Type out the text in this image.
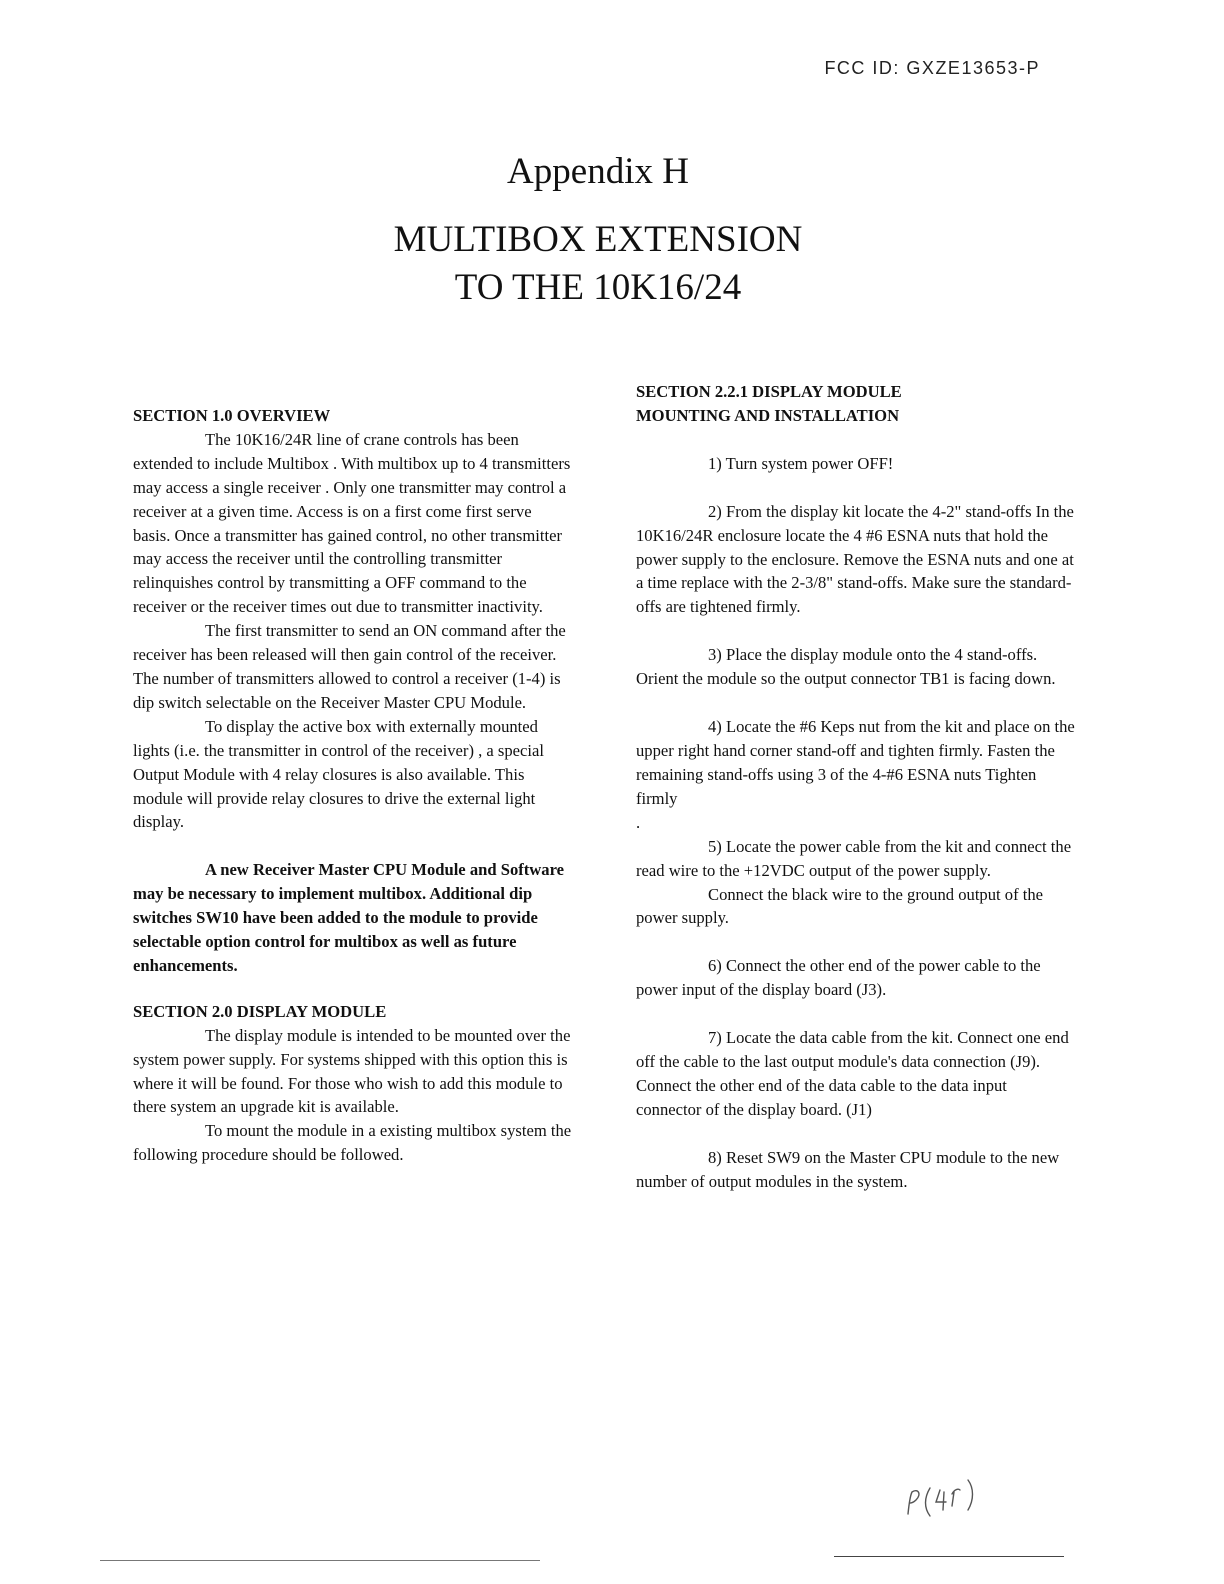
FCC ID: GXZE13653-P
Appendix H
MULTIBOX EXTENSION
TO THE 10K16/24

SECTION 1.0 OVERVIEW

The 10K16/24R line of crane controls has been extended to include Multibox . With multibox up to 4 transmitters may access a single receiver . Only one transmitter may control a receiver at a given time. Access is on a first come first serve basis. Once a transmitter has gained control, no other transmitter may access the receiver until the controlling transmitter relinquishes control by transmitting a OFF command to the receiver or the receiver times out due to transmitter inactivity.

The first transmitter to send an ON command after the receiver has been released will then gain control of the receiver. The number of transmitters allowed to control a receiver (1-4) is dip switch selectable on the Receiver Master CPU Module.

To display the active box with externally mounted lights (i.e. the transmitter in control of the receiver) , a special Output Module with 4 relay closures is also available. This module will provide relay closures to drive the external light display.

A new Receiver Master CPU Module and Software may be necessary to implement multibox. Additional dip switches SW10 have been added to the module to provide selectable option control for multibox as well as future enhancements.

SECTION 2.0 DISPLAY MODULE

The display module is intended to be mounted over the system power supply. For systems shipped with this option this is where it will be found. For those who wish to add this module to there system an upgrade kit is available.

To mount the module in a existing multibox system the following procedure should be followed.

SECTION 2.2.1 DISPLAY MODULE

MOUNTING AND INSTALLATION

1) Turn system power OFF!

2) From the display kit locate the 4-2" stand-offs In the 10K16/24R enclosure locate the 4 #6 ESNA nuts that hold the power supply to the enclosure. Remove the ESNA nuts and one at a time replace with the 2-3/8" stand-offs. Make sure the standard-offs are tightened firmly.

3) Place the display module onto the 4 stand-offs. Orient the module so the output connector TB1 is facing down.

4) Locate the #6 Keps nut from the kit and place on the upper right hand corner stand-off and tighten firmly. Fasten the remaining stand-offs using 3 of the 4-#6 ESNA nuts Tighten firmly

.

5) Locate the power cable from the kit and connect the read wire to the +12VDC output of the power supply.

Connect the black wire to the ground output of the power supply.

6) Connect the other end of the power cable to the power input of the display board (J3).

7) Locate the data cable from the kit. Connect one end off the cable to the last output module's data connection (J9). Connect the other end of the data cable to the data input connector of the display board. (J1)

8) Reset SW9 on the Master CPU module to the new number of output modules in the system.
